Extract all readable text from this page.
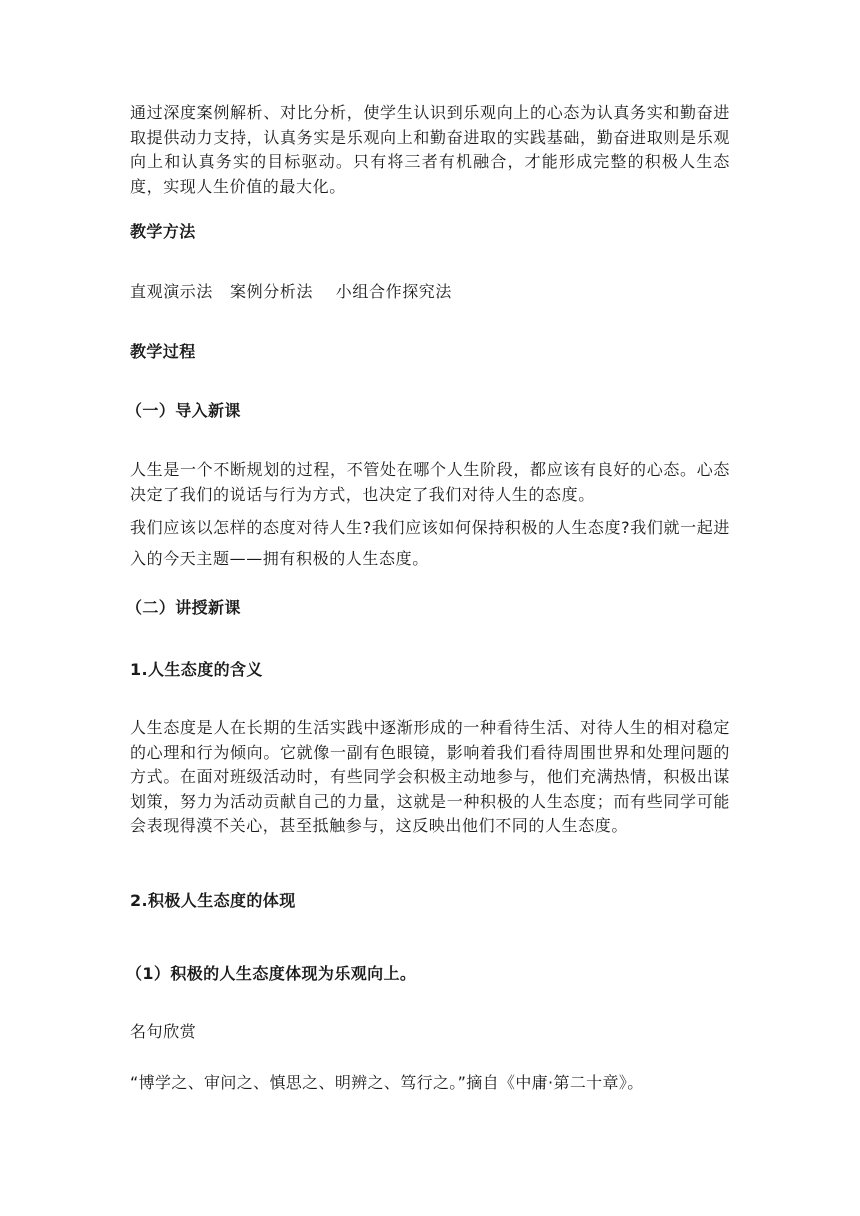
通过深度案例解析、对比分析，使学生认识到乐观向上的心态为认真务实和勤奋进取提供动力支持，认真务实是乐观向上和勤奋进取的实践基础，勤奋进取则是乐观向上和认真务实的目标驱动。只有将三者有机融合，才能形成完整的积极人生态度，实现人生价值的最大化。

教学方法

直观演示法   案例分析法    小组合作探究法

教学过程
（一）导入新课

人生是一个不断规划的过程，不管处在哪个人生阶段，都应该有良好的心态。心态决定了我们的说话与行为方式，也决定了我们对待人生的态度。

我们应该以怎样的态度对待人生?我们应该如何保持积极的人生态度?我们就一起进入的今天主题——拥有积极的人生态度。

（二）讲授新课
1.人生态度的含义

人生态度是人在长期的生活实践中逐渐形成的一种看待生活、对待人生的相对稳定的心理和行为倾向。它就像一副有色眼镜，影响着我们看待周围世界和处理问题的方式。在面对班级活动时，有些同学会积极主动地参与，他们充满热情，积极出谋划策，努力为活动贡献自己的力量，这就是一种积极的人生态度；而有些同学可能会表现得漠不关心，甚至抵触参与，这反映出他们不同的人生态度。

2.积极人生态度的体现
（1）积极的人生态度体现为乐观向上。

名句欣赏

“博学之、审问之、慎思之、明辨之、笃行之。”摘自《中庸·第二十章》。
